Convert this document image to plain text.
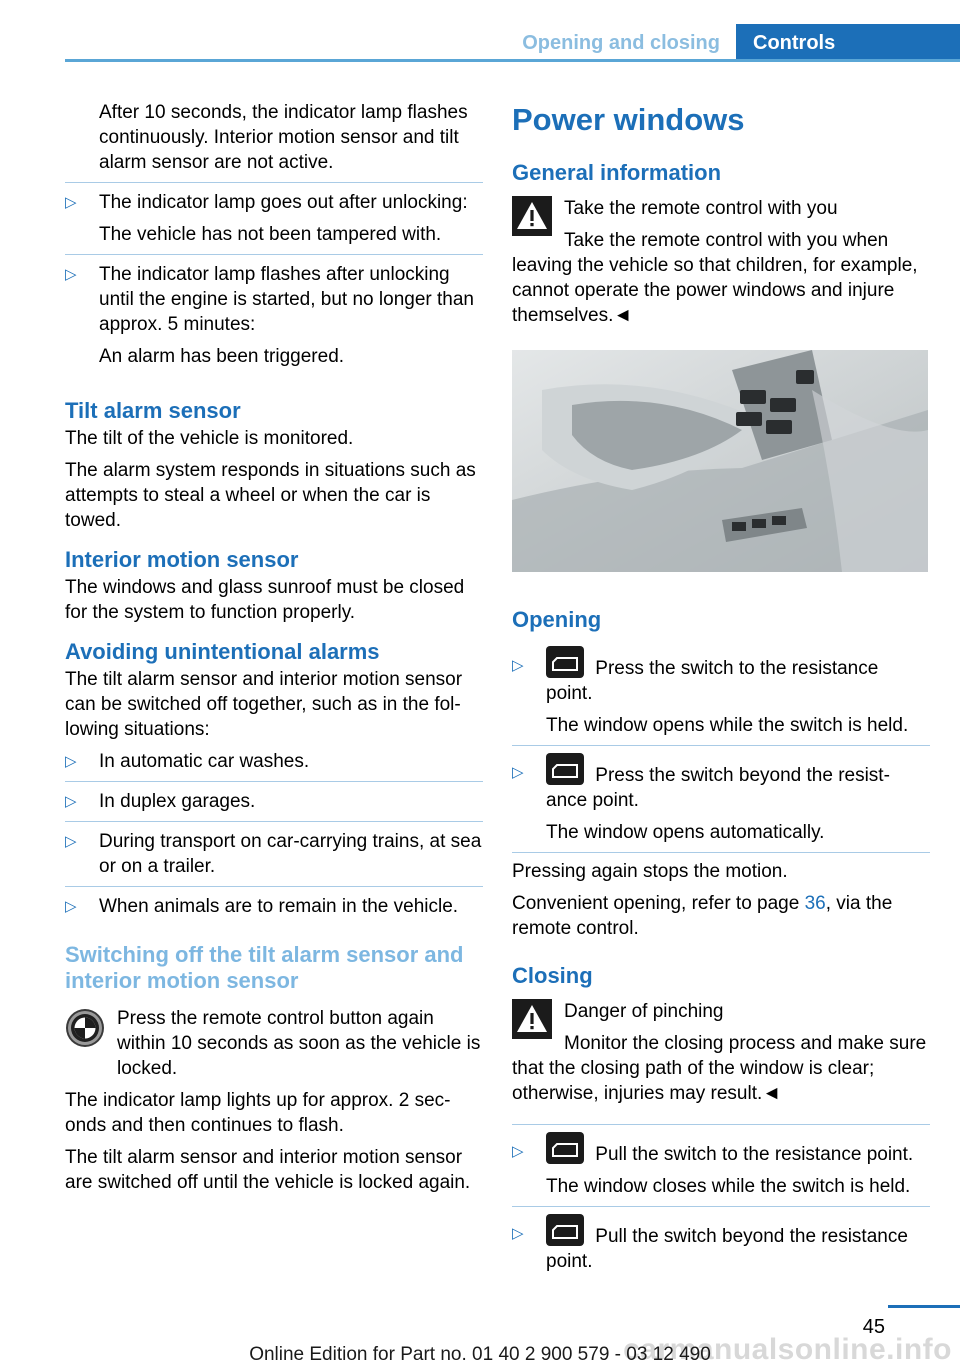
Opening and closing	Controls

After 10 seconds, the indicator lamp flashes continuously. Interior motion sensor and tilt alarm sensor are not active.

▷	The indicator lamp goes out after unlocking:

The vehicle has not been tampered with.

▷	The indicator lamp flashes after unlocking until the engine is started, but no longer than approx. 5 minutes:

An alarm has been triggered.

Tilt alarm sensor

The tilt of the vehicle is monitored.

The alarm system responds in situations such as attempts to steal a wheel or when the car is towed.

Interior motion sensor

The windows and glass sunroof must be closed for the system to function properly.

Avoiding unintentional alarms

The tilt alarm sensor and interior motion sensor can be switched off together, such as in the fol-lowing situations:

▷	In automatic car washes.

▷	In duplex garages.

▷	During transport on car-carrying trains, at sea or on a trailer.

▷	When animals are to remain in the vehicle.

Switching off the tilt alarm sensor and interior motion sensor

Press the remote control button again within 10 seconds as soon as the vehicle is locked.

The indicator lamp lights up for approx. 2 sec-onds and then continues to flash.

The tilt alarm sensor and interior motion sensor are switched off until the vehicle is locked again.

Power windows
General information

Take the remote control with you

Take the remote control with you when leaving the vehicle so that children, for example, cannot operate the power windows and injure themselves.◄

Opening
▷	Press the switch to the resistance point.

The window opens while the switch is held.

▷	Press the switch beyond the resist-ance point.

The window opens automatically.

Pressing again stops the motion.

Convenient opening, refer to page 36, via the remote control.

Closing

Danger of pinching

Monitor the closing process and make sure that the closing path of the window is clear; otherwise, injuries may result.◄

▷	Pull the switch to the resistance point.

The window closes while the switch is held.

▷	Pull the switch beyond the resistance point.

45
carmanualsonline.info
Online Edition for Part no. 01 40 2 900 579 - 03 12 490
